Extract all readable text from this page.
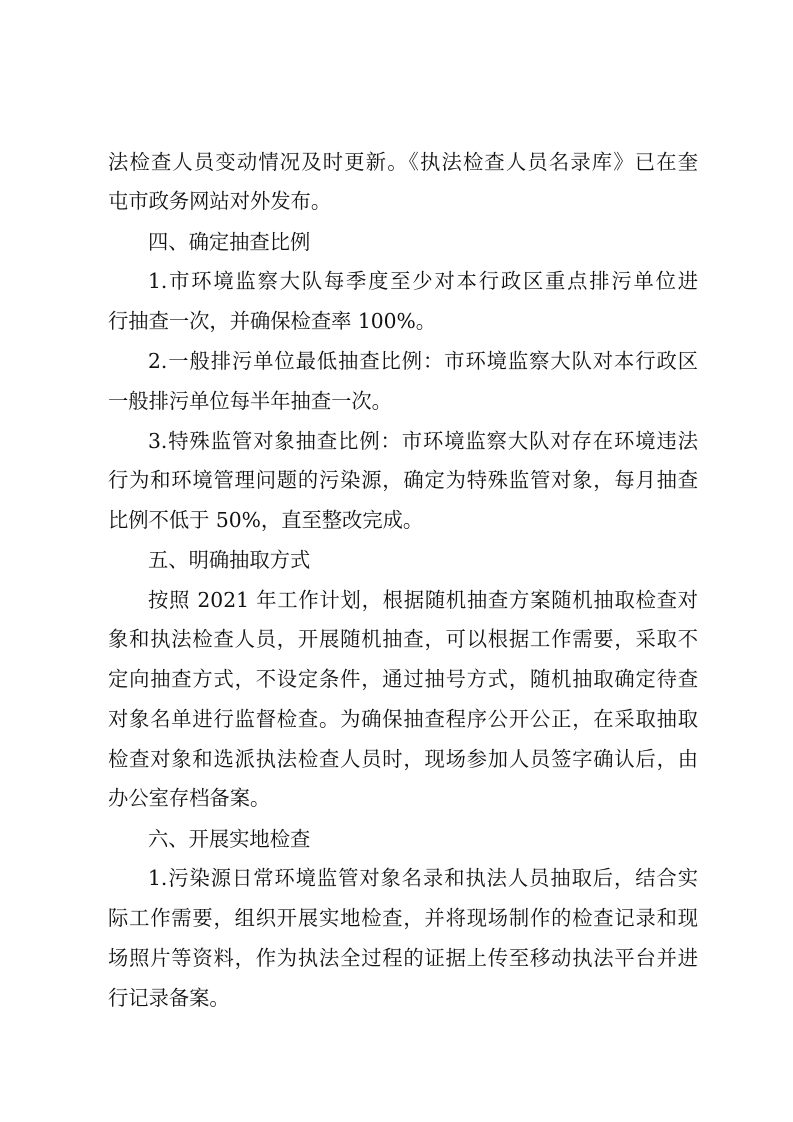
法检查人员变动情况及时更新。《执法检查人员名录库》已在奎
屯市政务网站对外发布。
四、确定抽查比例
1.市环境监察大队每季度至少对本行政区重点排污单位进
行抽查一次，并确保检查率 100%。
2.一般排污单位最低抽查比例：市环境监察大队对本行政区
一般排污单位每半年抽查一次。
3.特殊监管对象抽查比例：市环境监察大队对存在环境违法
行为和环境管理问题的污染源，确定为特殊监管对象，每月抽查
比例不低于 50%，直至整改完成。
五、明确抽取方式
按照 2021 年工作计划，根据随机抽查方案随机抽取检查对
象和执法检查人员，开展随机抽查，可以根据工作需要，采取不
定向抽查方式，不设定条件，通过抽号方式，随机抽取确定待查
对象名单进行监督检查。为确保抽查程序公开公正，在采取抽取
检查对象和选派执法检查人员时，现场参加人员签字确认后，由
办公室存档备案。
六、开展实地检查
1.污染源日常环境监管对象名录和执法人员抽取后，结合实
际工作需要，组织开展实地检查，并将现场制作的检查记录和现
场照片等资料，作为执法全过程的证据上传至移动执法平台并进
行记录备案。
